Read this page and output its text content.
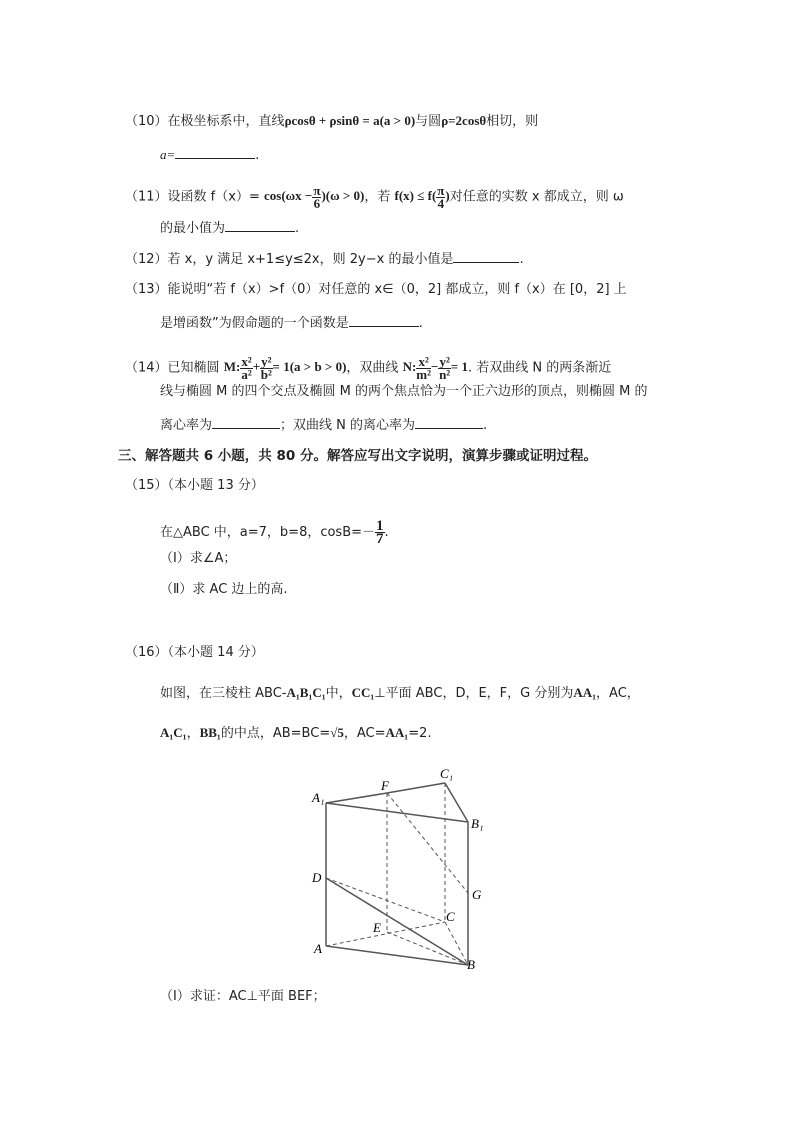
（10）在极坐标系中，直线ρcosθ + ρsinθ = a(a > 0)与圆ρ=2cosθ相切，则
a=	.
（11）设函数 $f(x)= \cos(\omega x - \frac{\pi}{6} )(\omega > 0)$，若 $f(x) \le f( \frac{\pi}{4}$ )对任意的实数 x 都成立，则 ω
的最小值为	.
（12）若 x，y 满足 x+1≤y≤2x，则 2y−x 的最小值是	.
（13）能说明“若 f（x）>f（0）对任意的 x∈（0，2] 都成立，则 f（x）在 [0，2] 上
是增函数”为假命题的一个函数是	.
（14）已知椭圆 M: $\frac{\text{x²}}{\text{a²}} + \frac{\text{y²}}{\text{b²}} = 1(a > b > 0)$，双曲线 N: $\frac{\text{x²}}{\text{m²}} - \frac{\text{y²}}{\text{n²}} = 1$. 若双曲线 N 的两条渐近
线与椭圆 M 的四个交点及椭圆 M 的两个焦点恰为一个正六边形的顶点，则椭圆 M 的
离心率为	；双曲线 N 的离心率为	.
三、解答题共 6 小题，共 80 分。解答应写出文字说明，演算步骤或证明过程。
（15）（本小题 13 分）
在△ABC 中，a=7，b=8，$\cos B=- \frac{1}{7}$ .
（Ⅰ）求∠A；
（Ⅱ）求 AC 边上的高.
（16）（本小题 14 分）
如图，在三棱柱 ABC-A₁B₁C₁中，CC₁⊥平面 ABC，D，E，F，G 分别为AA₁，AC，
A₁C₁，BB₁的中点，AB=BC=√5，AC=AA₁=2.
A₁
C₁
B₁
F
G
D
C
E
A
B
（Ⅰ）求证：AC⊥平面 BEF；
